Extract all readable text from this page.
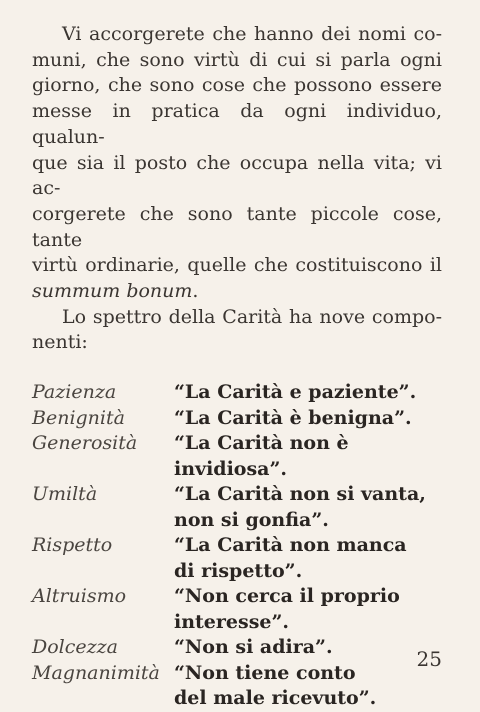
Vi accorgerete che hanno dei nomi co-
muni, che sono virtù di cui si parla ogni
giorno, che sono cose che possono essere
messe in pratica da ogni individuo, qualun-
que sia il posto che occupa nella vita; vi ac-
corgerete che sono tante piccole cose, tante
virtù ordinarie, quelle che costituiscono il
summum bonum.
Lo spettro della Carità ha nove compo-
nenti:
Pazienza	“La Carità e paziente”.
Benignità	“La Carità è benigna”.
Generosità	“La Carità non è
invidiosa”.
Umiltà	“La Carità non si vanta,
non si gonfia”.
Rispetto	“La Carità non manca
di rispetto”.
Altruismo	“Non cerca il proprio
interesse”.
Dolcezza	“Non si adira”.
Magnanimità “Non tiene conto
del male ricevuto”.
25
